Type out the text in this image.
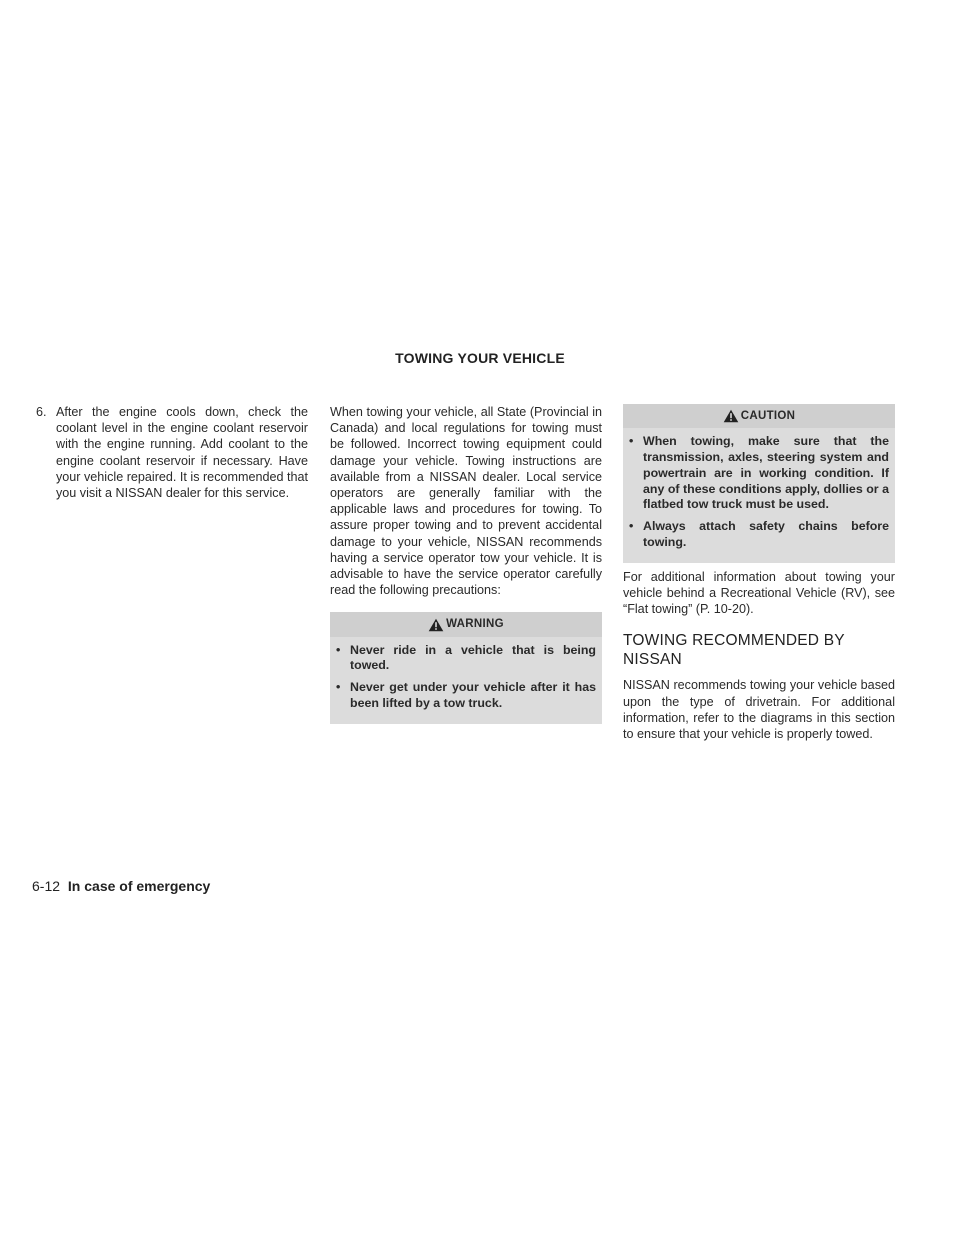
TOWING YOUR VEHICLE
6. After the engine cools down, check the coolant level in the engine coolant reservoir with the engine running. Add coolant to the engine coolant reservoir if necessary. Have your vehicle repaired. It is recommended that you visit a NISSAN dealer for this service.

When towing your vehicle, all State (Provincial in Canada) and local regulations for towing must be followed. Incorrect towing equipment could damage your vehicle. Towing instructions are available from a NISSAN dealer. Local service operators are generally familiar with the applicable laws and procedures for towing. To assure proper towing and to prevent accidental damage to your vehicle, NISSAN recommends having a service operator tow your vehicle. It is advisable to have the service operator carefully read the following precautions:

WARNING
• Never ride in a vehicle that is being towed.
• Never get under your vehicle after it has been lifted by a tow truck.
CAUTION
• When towing, make sure that the transmission, axles, steering system and powertrain are in working condition. If any of these conditions apply, dollies or a flatbed tow truck must be used.
• Always attach safety chains before towing.

For additional information about towing your vehicle behind a Recreational Vehicle (RV), see “Flat towing” (P. 10-20).

TOWING RECOMMENDED BY NISSAN

NISSAN recommends towing your vehicle based upon the type of drivetrain. For additional information, refer to the diagrams in this section to ensure that your vehicle is properly towed.

6-12 In case of emergency
